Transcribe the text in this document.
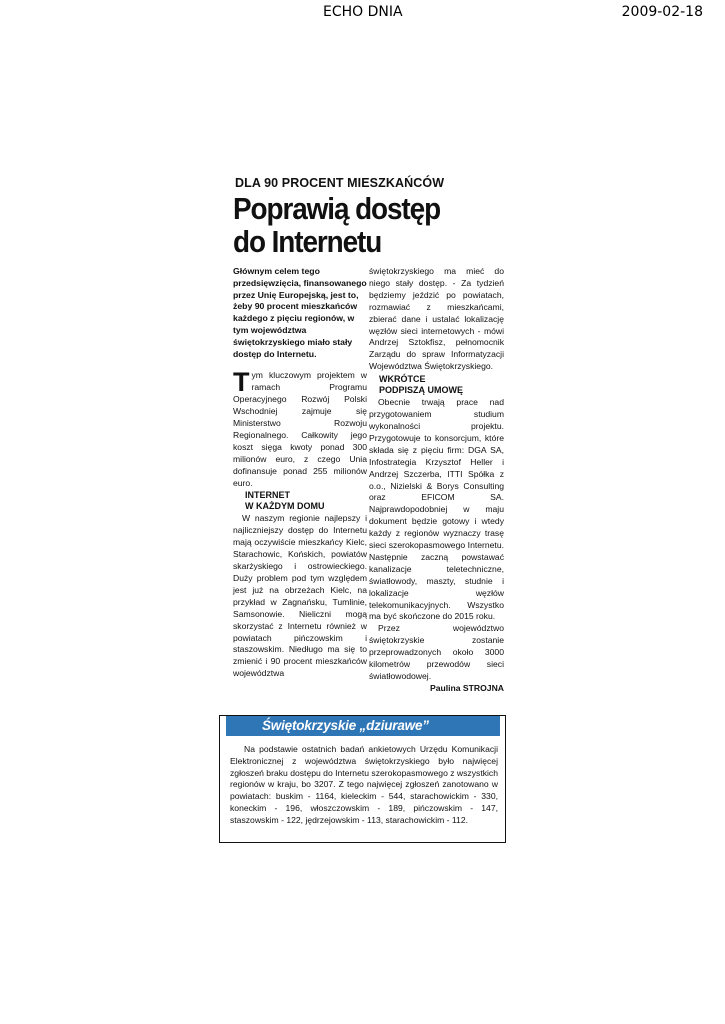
ECHO DNIA	2009-02-18
DLA 90 PROCENT MIESZKAŃCÓW
Poprawią dostęp do Internetu

Głównym celem tego przedsięwzięcia, finansowanego przez Unię Europejską, jest to, żeby 90 procent mieszkańców każdego z pięciu regionów, w tym województwa świętokrzyskiego miało stały dostęp do Internetu.

Tym kluczowym projektem w ramach Programu Operacyjnego Rozwój Polski Wschodniej zajmuje się Ministerstwo Rozwoju Regionalnego. Całkowity jego koszt sięga kwoty ponad 300 milionów euro, z czego Unia dofinansuje ponad 255 milionów euro.

INTERNET
W KAŻDYM DOMU

W naszym regionie najlepszy i najliczniejszy dostęp do Internetu mają oczywiście mieszkańcy Kielc, Starachowic, Końskich, powiatów skarżyskiego i ostrowieckiego. Duży problem pod tym względem jest już na obrzeżach Kielc, na przykład w Zagnańsku, Tumlinie, Samsonowie. Nieliczni mogą skorzystać z Internetu również w powiatach pińczowskim i staszowskim. Niedługo ma się to zmienić i 90 procent mieszkańców województwa

świętokrzyskiego ma mieć do niego stały dostęp. - Za tydzień będziemy jeździć po powiatach, rozmawiać z mieszkańcami, zbierać dane i ustalać lokalizację węzłów sieci internetowych - mówi Andrzej Sztokfisz, pełnomocnik Zarządu do spraw Informatyzacji Województwa Świętokrzyskiego.

WKRÓTCE
PODPISZĄ UMOWĘ

Obecnie trwają prace nad przygotowaniem studium wykonalności projektu. Przygotowuje to konsorcjum, które składa się z pięciu firm: DGA SA, Infostrategia Krzysztof Heller i Andrzej Szczerba, ITTI Spółka z o.o., Nizielski & Borys Consulting oraz EFICOM SA. Najprawdopodobniej w maju dokument będzie gotowy i wtedy każdy z regionów wyznaczy trasę sieci szerokopasmowego Internetu. Następnie zaczną powstawać kanalizacje teletechniczne, światłowody, maszty, studnie i lokalizacje węzłów telekomunikacyjnych. Wszystko ma być skończone do 2015 roku.

Przez województwo świętokrzyskie zostanie przeprowadzonych około 3000 kilometrów przewodów sieci światłowodowej.

Paulina STROJNA

Świętokrzyskie „dziurawe”

Na podstawie ostatnich badań ankietowych Urzędu Komunikacji Elektronicznej z województwa świętokrzyskiego było najwięcej zgłoszeń braku dostępu do Internetu szerokopasmowego z wszystkich regionów w kraju, bo 3207. Z tego najwięcej zgłoszeń zanotowano w powiatach: buskim - 1164, kieleckim - 544, starachowickim - 330, koneckim - 196, włoszczowskim - 189, pińczowskim - 147, staszowskim - 122, jędrzejowskim - 113, starachowickim - 112.
